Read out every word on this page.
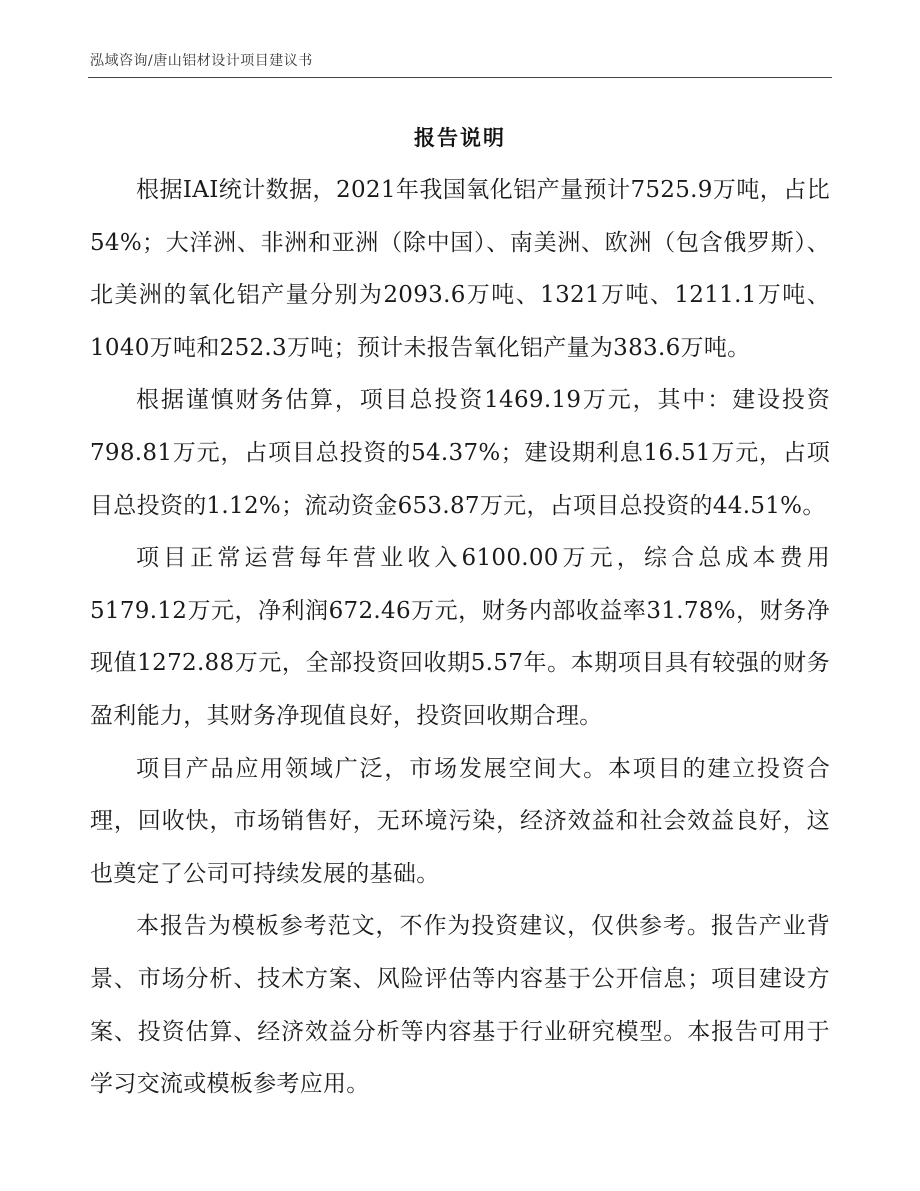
泓域咨询/唐山铝材设计项目建议书
报告说明

根据IAI统计数据，2021年我国氧化铝产量预计7525.9万吨，占比54%；大洋洲、非洲和亚洲（除中国）、南美洲、欧洲（包含俄罗斯）、北美洲的氧化铝产量分别为2093.6万吨、1321万吨、1211.1万吨、1040万吨和252.3万吨；预计未报告氧化铝产量为383.6万吨。

根据谨慎财务估算，项目总投资1469.19万元，其中：建设投资798.81万元，占项目总投资的54.37%；建设期利息16.51万元，占项目总投资的1.12%；流动资金653.87万元，占项目总投资的44.51%。

项目正常运营每年营业收入6100.00万元，综合总成本费用5179.12万元，净利润672.46万元，财务内部收益率31.78%，财务净现值1272.88万元，全部投资回收期5.57年。本期项目具有较强的财务盈利能力，其财务净现值良好，投资回收期合理。

项目产品应用领域广泛，市场发展空间大。本项目的建立投资合理，回收快，市场销售好，无环境污染，经济效益和社会效益良好，这也奠定了公司可持续发展的基础。

本报告为模板参考范文，不作为投资建议，仅供参考。报告产业背景、市场分析、技术方案、风险评估等内容基于公开信息；项目建设方案、投资估算、经济效益分析等内容基于行业研究模型。本报告可用于学习交流或模板参考应用。
